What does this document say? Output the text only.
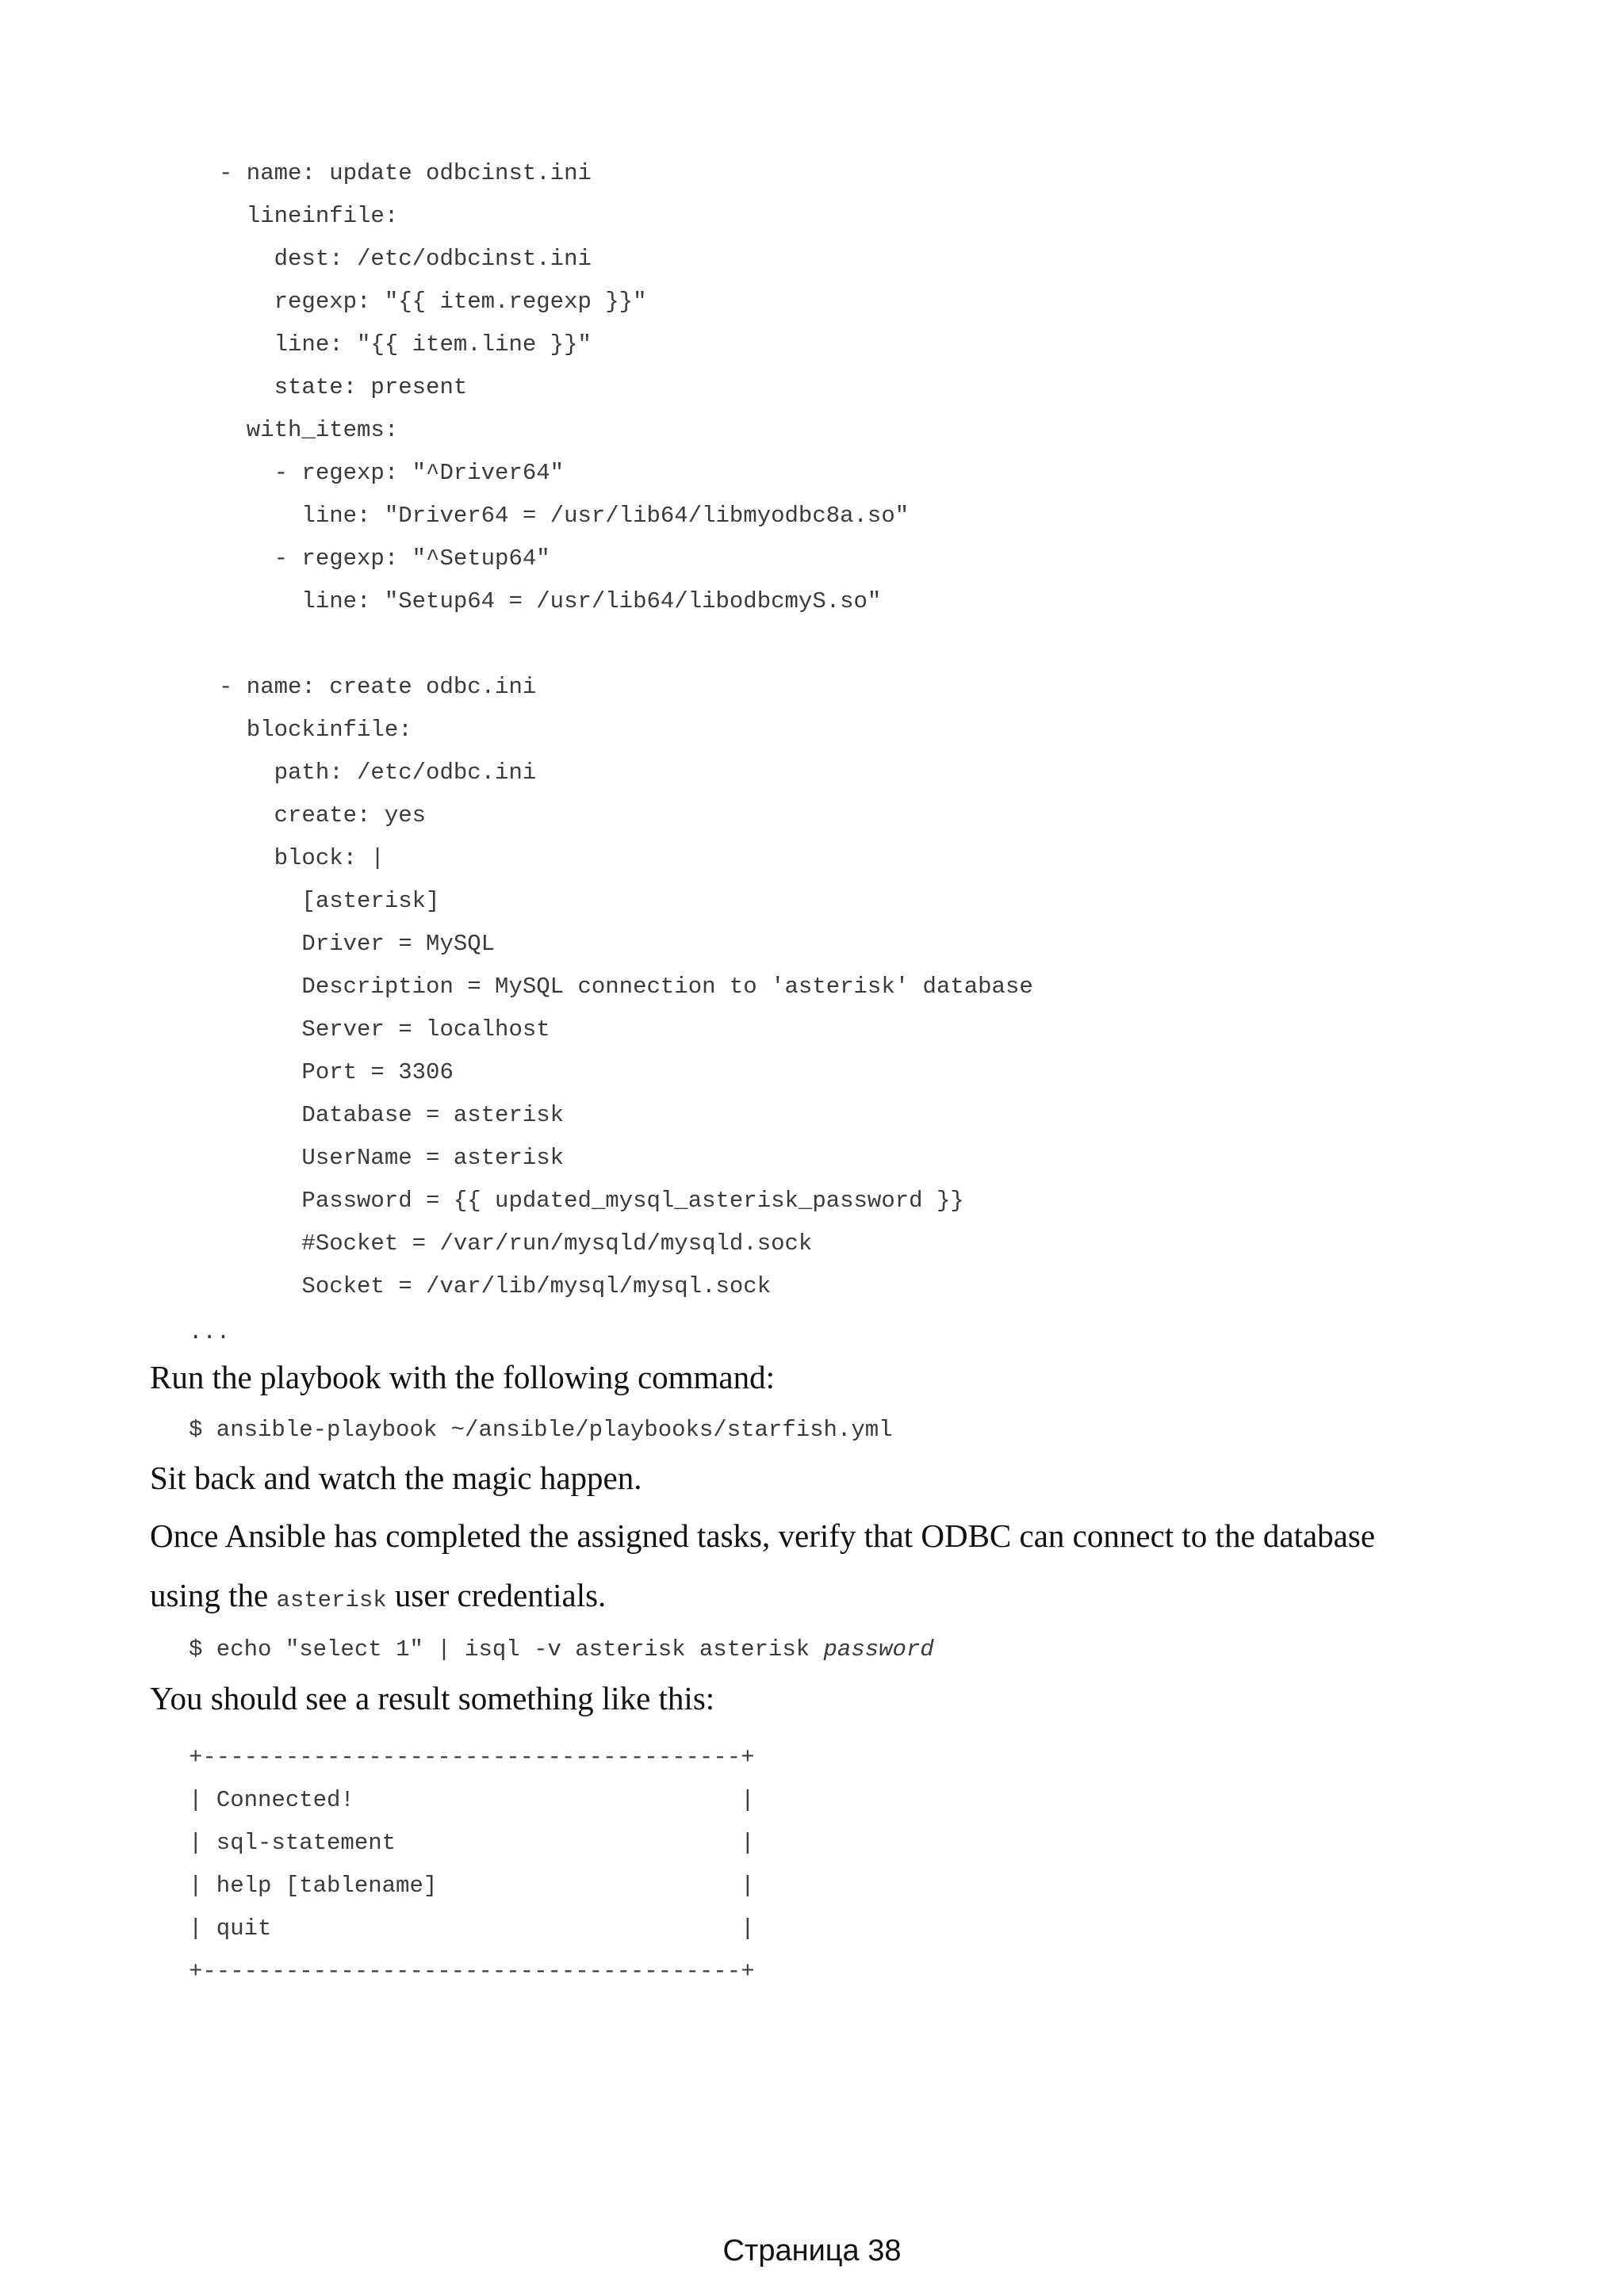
- name: update odbcinst.ini
lineinfile:
dest: /etc/odbcinst.ini
regexp: "{{ item.regexp }}"
line: "{{ item.line }}"
state: present
with_items:
- regexp: "^Driver64"
line: "Driver64 = /usr/lib64/libmyodbc8a.so"
- regexp: "^Setup64"
line: "Setup64 = /usr/lib64/libodbcmyS.so"

- name: create odbc.ini
blockinfile:
path: /etc/odbc.ini
create: yes
block: |
[asterisk]
Driver = MySQL
Description = MySQL connection to 'asterisk' database
Server = localhost
Port = 3306
Database = asterisk
UserName = asterisk
Password = {{ updated_mysql_asterisk_password }}
#Socket = /var/run/mysqld/mysqld.sock
Socket = /var/lib/mysql/mysql.sock
...

Run the playbook with the following command:

$ ansible-playbook ~/ansible/playbooks/starfish.yml

Sit back and watch the magic happen.

Once Ansible has completed the assigned tasks, verify that ODBC can connect to the database

using the asterisk user credentials.

$ echo "select 1" | isql -v asterisk asterisk password

You should see a result something like this:

+---------------------------------------+
| Connected!                            |
| sql-statement                         |
| help [tablename]                      |
| quit                                  |
+---------------------------------------+

Страница 38
